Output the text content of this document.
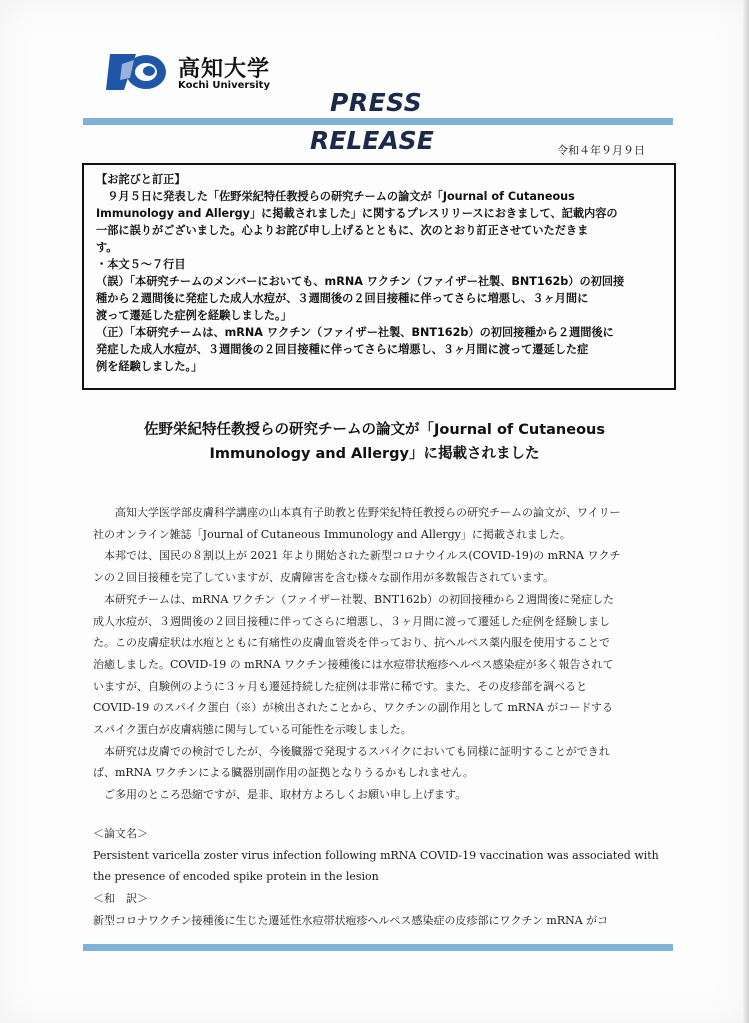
高知大学
Kochi University
PRESS
RELEASE	令和４年９月９日

【お詫びと訂正】

　９月５日に発表した「佐野栄紀特任教授らの研究チームの論文が「Journal of Cutaneous

Immunology and Allergy」に掲載されました」に関するプレスリリースにおきまして、記載内容の

一部に誤りがございました。心よりお詫び申し上げるとともに、次のとおり訂正させていただきま

す。

・本文５～７行目

（誤）「本研究チームのメンバーにおいても、mRNA ワクチン（ファイザー社製、BNT162b）の初回接

種から２週間後に発症した成人水痘が、３週間後の２回目接種に伴ってさらに増悪し、３ヶ月間に

渡って遷延した症例を経験しました。」

（正）「本研究チームは、mRNA ワクチン（ファイザー社製、BNT162b）の初回接種から２週間後に

発症した成人水痘が、３週間後の２回目接種に伴ってさらに増悪し、３ヶ月間に渡って遷延した症

例を経験しました。」

佐野栄紀特任教授らの研究チームの論文が「Journal of Cutaneous
Immunology and Allergy」に掲載されました

　　高知大学医学部皮膚科学講座の山本真有子助教と佐野栄紀特任教授らの研究チームの論文が、ワイリー

社のオンライン雑誌「Journal of Cutaneous Immunology and Allergy」に掲載されました。

　本邦では、国民の８割以上が 2021 年より開始された新型コロナウイルス(COVID-19)の mRNA ワクチ

ンの２回目接種を完了していますが、皮膚障害を含む様々な副作用が多数報告されています。

　本研究チームは、mRNA ワクチン（ファイザー社製、BNT162b）の初回接種から２週間後に発症した

成人水痘が、３週間後の２回目接種に伴ってさらに増悪し、３ヶ月間に渡って遷延した症例を経験しまし

た。この皮膚症状は水疱とともに有痛性の皮膚血管炎を伴っており、抗ヘルペス薬内服を使用することで

治癒しました。COVID-19 の mRNA ワクチン接種後には水痘帯状疱疹ヘルペス感染症が多く報告されて

いますが、自験例のように３ヶ月も遷延持続した症例は非常に稀です。また、その皮疹部を調べると

COVID-19 のスパイク蛋白（※）が検出されたことから、ワクチンの副作用として mRNA がコードする

スパイク蛋白が皮膚病態に関与している可能性を示唆しました。

　本研究は皮膚での検討でしたが、今後臓器で発現するスパイクにおいても同様に証明することができれ

ば、mRNA ワクチンによる臓器別副作用の証拠となりうるかもしれません。

　ご多用のところ恐縮ですが、是非、取材方よろしくお願い申し上げます。

＜論文名＞

Persistent varicella zoster virus infection following mRNA COVID-19 vaccination was associated with

the presence of encoded spike protein in the lesion

＜和　訳＞

新型コロナワクチン接種後に生じた遷延性水痘帯状疱疹ヘルペス感染症の皮疹部にワクチン mRNA がコ
